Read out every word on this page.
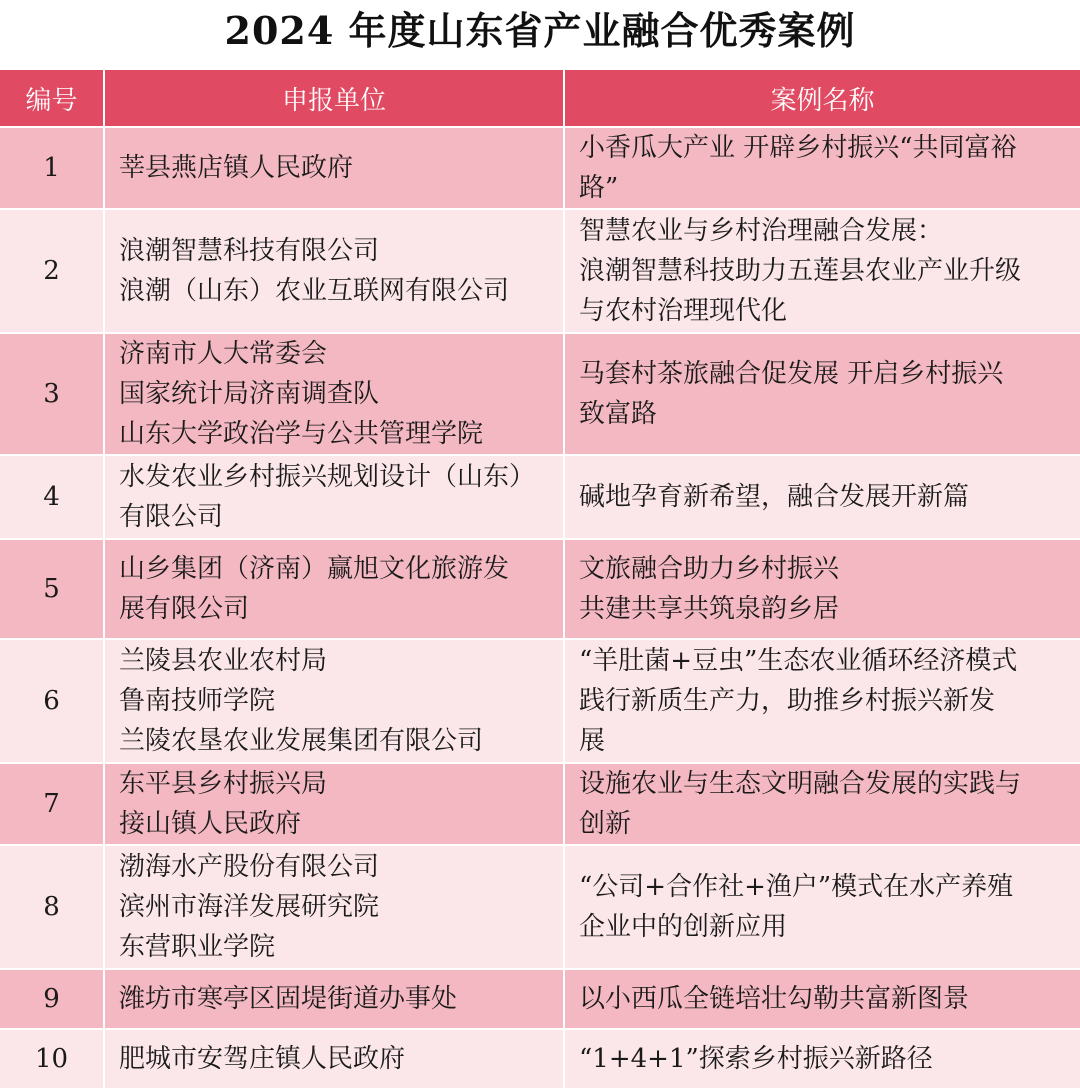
2024 年度山东省产业融合优秀案例
编号	申报单位	案例名称
1	莘县燕店镇人民政府	小香瓜大产业 开辟乡村振兴“共同富裕
路”
2	浪潮智慧科技有限公司
浪潮（山东）农业互联网有限公司	智慧农业与乡村治理融合发展：
浪潮智慧科技助力五莲县农业产业升级
与农村治理现代化
3	济南市人大常委会
国家统计局济南调查队
山东大学政治学与公共管理学院	马套村茶旅融合促发展 开启乡村振兴
致富路
4	水发农业乡村振兴规划设计（山东）
有限公司	碱地孕育新希望，融合发展开新篇
5	山乡集团（济南）赢旭文化旅游发
展有限公司	文旅融合助力乡村振兴
共建共享共筑泉韵乡居
6	兰陵县农业农村局
鲁南技师学院
兰陵农垦农业发展集团有限公司	“羊肚菌+豆虫”生态农业循环经济模式
践行新质生产力，助推乡村振兴新发
展
7	东平县乡村振兴局
接山镇人民政府	设施农业与生态文明融合发展的实践与
创新
8	渤海水产股份有限公司
滨州市海洋发展研究院
东营职业学院	“公司+合作社+渔户”模式在水产养殖
企业中的创新应用
9	潍坊市寒亭区固堤街道办事处	以小西瓜全链培壮勾勒共富新图景
10	肥城市安驾庄镇人民政府	“1+4+1”探索乡村振兴新路径
